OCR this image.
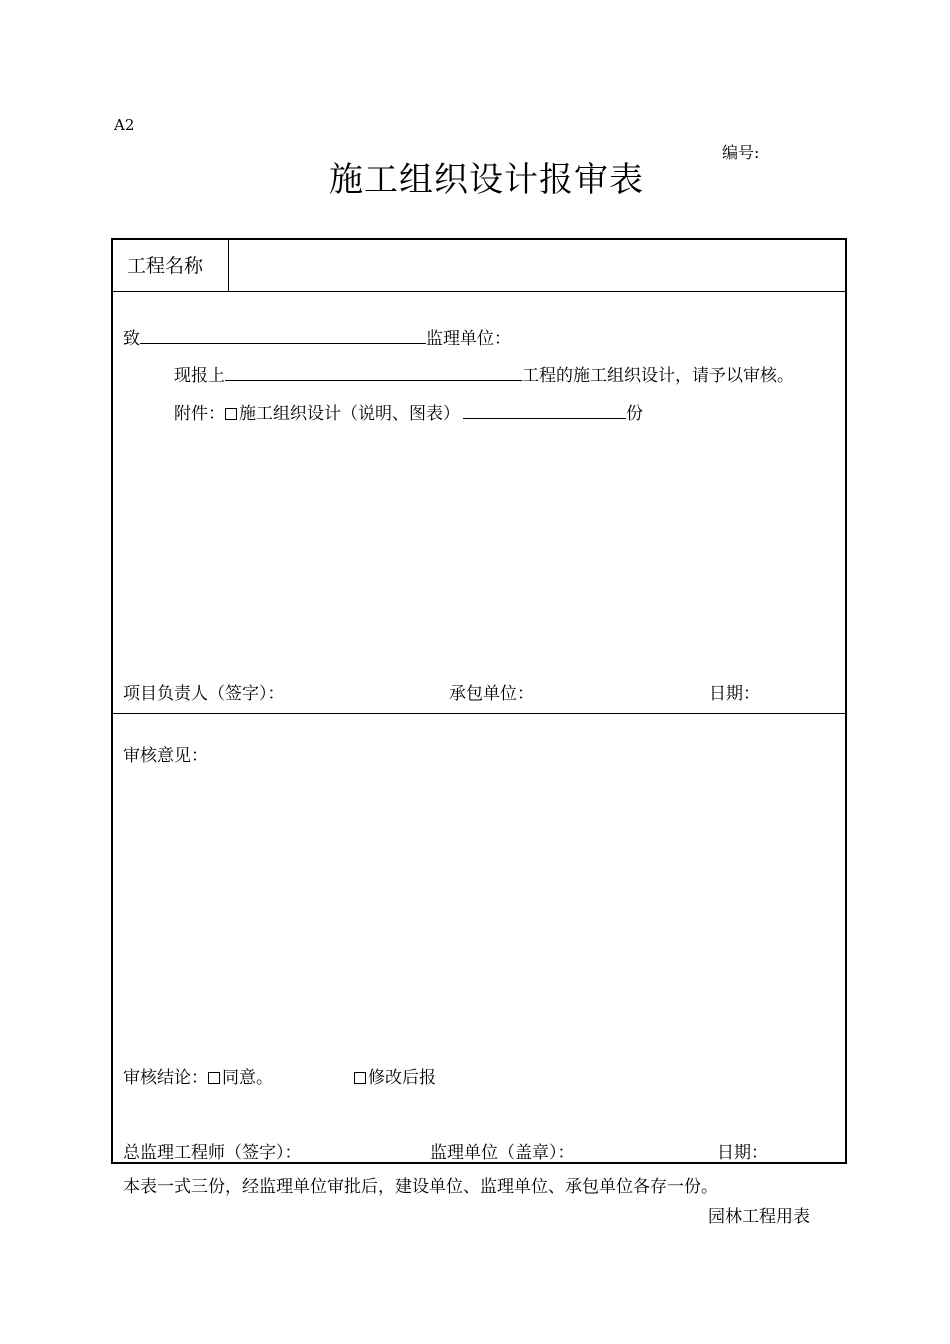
A2
编号:
施工组织设计报审表
工程名称
致	监理单位：
现报上	工程的施工组织设计，请予以审核。
附件： 施工组织设计（说明、图表）	份
项目负责人（签字）：	承包单位：	日期：
审核意见：
审核结论： 同意。	修改后报
总监理工程师（签字）：	监理单位（盖章）：	日期：
本表一式三份，经监理单位审批后，建设单位、监理单位、承包单位各存一份。
园林工程用表
